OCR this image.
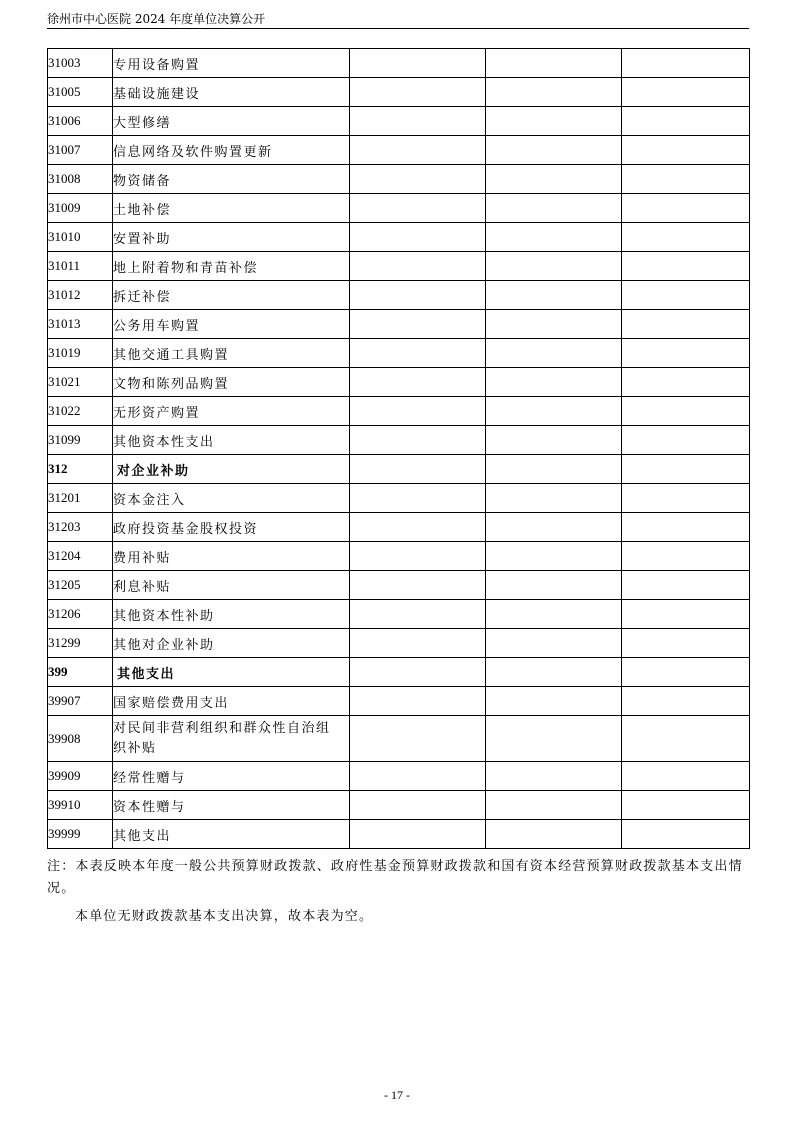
徐州市中心医院 2024 年度单位决算公开
31003	专用设备购置			
31005	基础设施建设			
31006	大型修缮			
31007	信息网络及软件购置更新			
31008	物资储备			
31009	土地补偿			
31010	安置补助			
31011	地上附着物和青苗补偿			
31012	拆迁补偿			
31013	公务用车购置			
31019	其他交通工具购置			
31021	文物和陈列品购置			
31022	无形资产购置			
31099	其他资本性支出			
312	对企业补助			
31201	资本金注入			
31203	政府投资基金股权投资			
31204	费用补贴			
31205	利息补贴			
31206	其他资本性补助			
31299	其他对企业补助			
399	其他支出			
39907	国家赔偿费用支出			
39908	对民间非营利组织和群众性自治组织补贴			

39909	经常性赠与			
39910	资本性赠与			
39999	其他支出			

注：本表反映本年度一般公共预算财政拨款、政府性基金预算财政拨款和国有资本经营预算财政拨款基本支出情况。

本单位无财政拨款基本支出决算，故本表为空。

- 17 -
